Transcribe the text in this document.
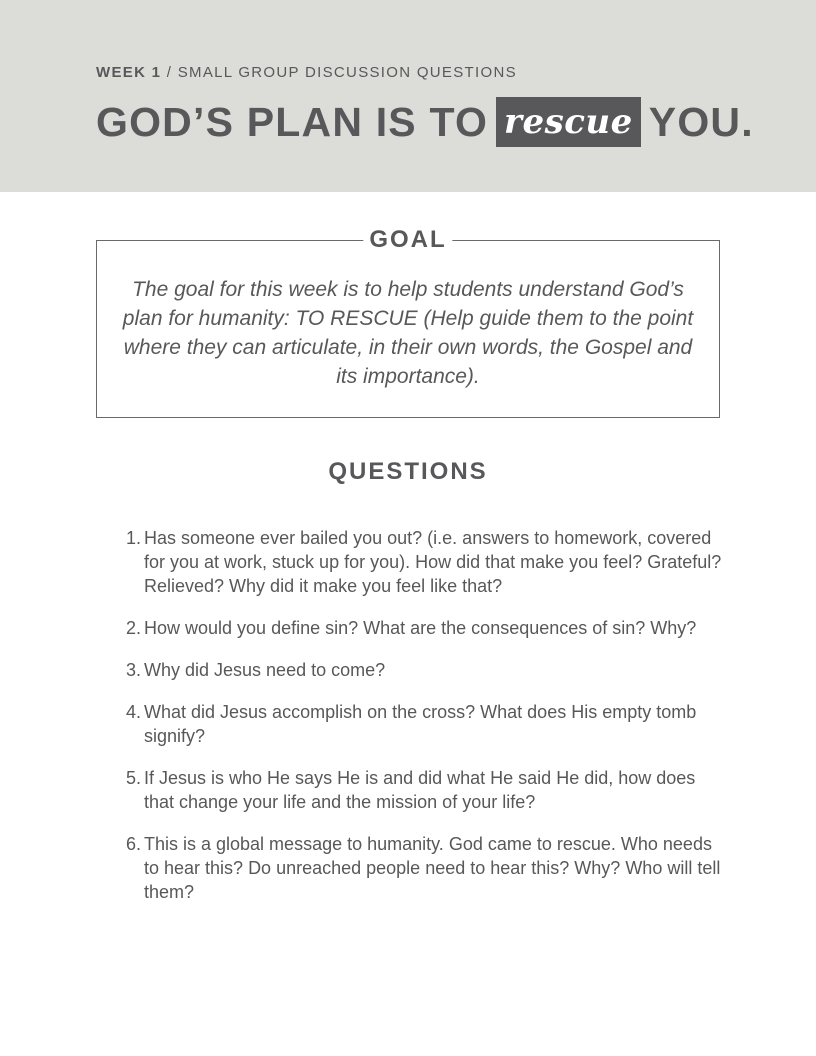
WEEK 1 / SMALL GROUP DISCUSSION QUESTIONS
GOD’S PLAN IS TO rescue YOU.
GOAL
The goal for this week is to help students understand God’s plan for humanity: TO RESCUE (Help guide them to the point where they can articulate, in their own words, the Gospel and its importance).
QUESTIONS
1. Has someone ever bailed you out? (i.e. answers to homework, covered for you at work, stuck up for you). How did that make you feel? Grateful? Relieved? Why did it make you feel like that?
2. How would you define sin? What are the consequences of sin? Why?
3. Why did Jesus need to come?
4. What did Jesus accomplish on the cross? What does His empty tomb signify?
5. If Jesus is who He says He is and did what He said He did, how does that change your life and the mission of your life?
6. This is a global message to humanity. God came to rescue. Who needs to hear this? Do unreached people need to hear this? Why? Who will tell them?
